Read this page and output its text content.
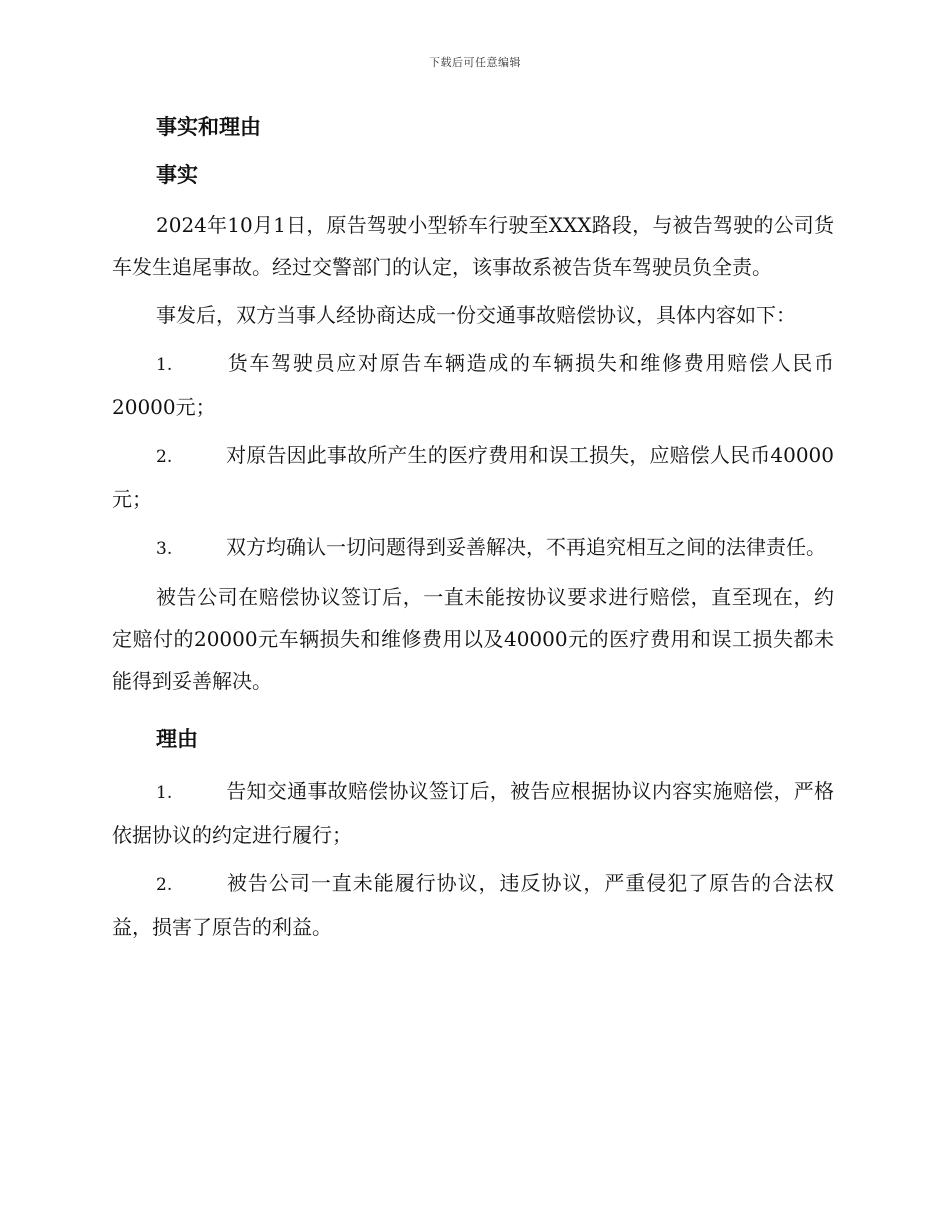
下载后可任意编辑
事实和理由
事实

2024年10月1日，原告驾驶小型轿车行驶至XXX路段，与被告驾驶的公司货车发生追尾事故。经过交警部门的认定，该事故系被告货车驾驶员负全责。

事发后，双方当事人经协商达成一份交通事故赔偿协议，具体内容如下：

1.	货车驾驶员应对原告车辆造成的车辆损失和维修费用赔偿人民币20000元；

2.	对原告因此事故所产生的医疗费用和误工损失，应赔偿人民币40000元；

3.	双方均确认一切问题得到妥善解决，不再追究相互之间的法律责任。

被告公司在赔偿协议签订后，一直未能按协议要求进行赔偿，直至现在，约定赔付的20000元车辆损失和维修费用以及40000元的医疗费用和误工损失都未能得到妥善解决。

理由

1.	告知交通事故赔偿协议签订后，被告应根据协议内容实施赔偿，严格依据协议的约定进行履行；

2.	被告公司一直未能履行协议，违反协议，严重侵犯了原告的合法权益，损害了原告的利益。
